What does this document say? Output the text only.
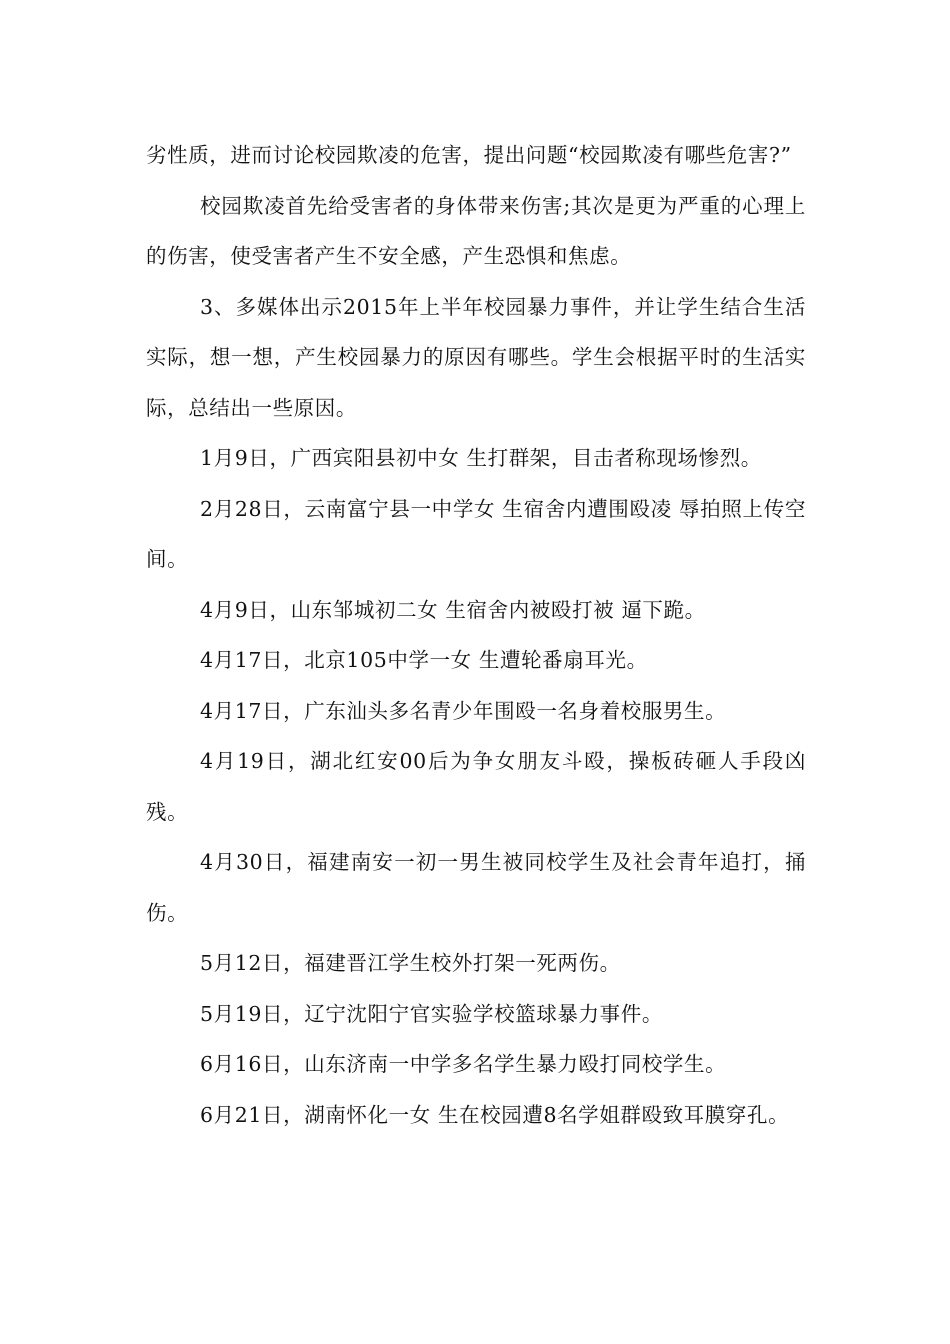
劣性质，进而讨论校园欺凌的危害，提出问题“校园欺凌有哪些危害?”

校园欺凌首先给受害者的身体带来伤害;其次是更为严重的心理上的伤害，使受害者产生不安全感，产生恐惧和焦虑。

3、多媒体出示2015年上半年校园暴力事件，并让学生结合生活实际，想一想，产生校园暴力的原因有哪些。学生会根据平时的生活实际，总结出一些原因。

1月9日，广西宾阳县初中女 生打群架，目击者称现场惨烈。

2月28日，云南富宁县一中学女 生宿舍内遭围殴凌 辱拍照上传空间。

4月9日，山东邹城初二女 生宿舍内被殴打被 逼下跪。

4月17日，北京105中学一女 生遭轮番扇耳光。

4月17日，广东汕头多名青少年围殴一名身着校服男生。

4月19日，湖北红安00后为争女朋友斗殴，操板砖砸人手段凶残。

4月30日，福建南安一初一男生被同校学生及社会青年追打，捅伤。

5月12日，福建晋江学生校外打架一死两伤。

5月19日，辽宁沈阳宁官实验学校篮球暴力事件。

6月16日，山东济南一中学多名学生暴力殴打同校学生。

6月21日，湖南怀化一女 生在校园遭8名学姐群殴致耳膜穿孔。
